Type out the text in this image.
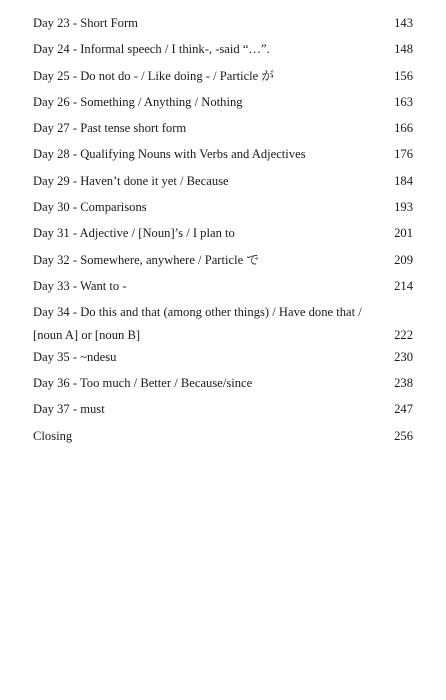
Day 23 - Short Form . . .	143
Day 24 - Informal speech / I think-, -said “…”. . . .	148
Day 25 - Do not do - / Like doing - / Particle が . . .	156
Day 26 - Something / Anything / Nothing . . .	163
Day 27 - Past tense short form . . .	166
Day 28 - Qualifying Nouns with Verbs and Adjectives . . .	176
Day 29 - Haven’t done it yet / Because . . .	184
Day 30 - Comparisons . . .	193
Day 31 - Adjective / [Noun]’s / I plan to . . .	201
Day 32 - Somewhere, anywhere / Particle で . . .	209
Day 33 - Want to - . . .	214
Day 34 - Do this and that (among other things) / Have done that /
[noun A] or [noun B] . . .	222
Day 35 - ~ndesu . . .	230
Day 36 - Too much / Better / Because/since . . .	238
Day 37 - must . . .	247
Closing . . .	256
